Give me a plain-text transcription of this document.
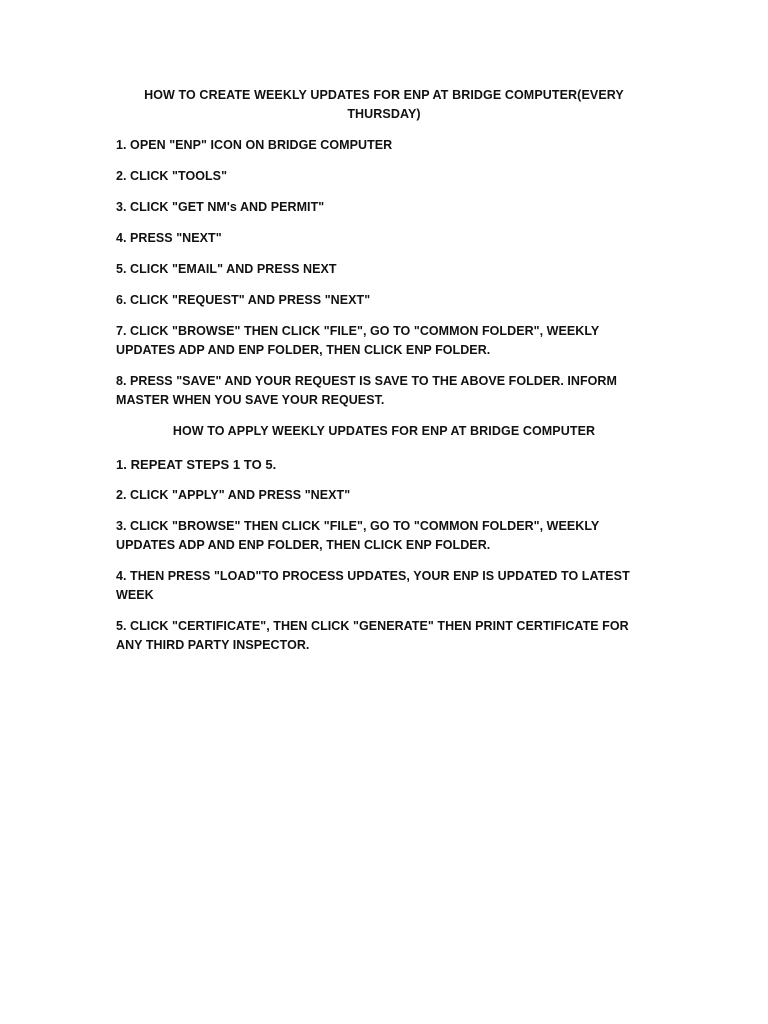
HOW TO CREATE WEEKLY UPDATES FOR ENP AT BRIDGE COMPUTER(EVERY THURSDAY)
1. OPEN "ENP" ICON ON BRIDGE COMPUTER
2. CLICK "TOOLS"
3. CLICK "GET NM's AND PERMIT"
4. PRESS "NEXT"
5. CLICK "EMAIL" AND PRESS NEXT
6. CLICK "REQUEST" AND PRESS "NEXT"
7. CLICK "BROWSE" THEN CLICK "FILE", GO TO "COMMON FOLDER", WEEKLY UPDATES ADP AND ENP FOLDER, THEN CLICK ENP FOLDER.
8. PRESS "SAVE" AND YOUR REQUEST IS SAVE TO THE ABOVE FOLDER. INFORM MASTER WHEN YOU SAVE YOUR REQUEST.
HOW TO APPLY WEEKLY UPDATES FOR ENP AT BRIDGE COMPUTER
1. REPEAT STEPS 1 TO 5.
2. CLICK "APPLY" AND PRESS "NEXT"
3. CLICK "BROWSE" THEN CLICK "FILE", GO TO "COMMON FOLDER", WEEKLY UPDATES ADP AND ENP FOLDER, THEN CLICK ENP FOLDER.
4. THEN PRESS "LOAD"TO PROCESS UPDATES, YOUR ENP IS UPDATED TO LATEST WEEK
5. CLICK "CERTIFICATE", THEN CLICK "GENERATE" THEN PRINT CERTIFICATE FOR ANY THIRD PARTY INSPECTOR.
